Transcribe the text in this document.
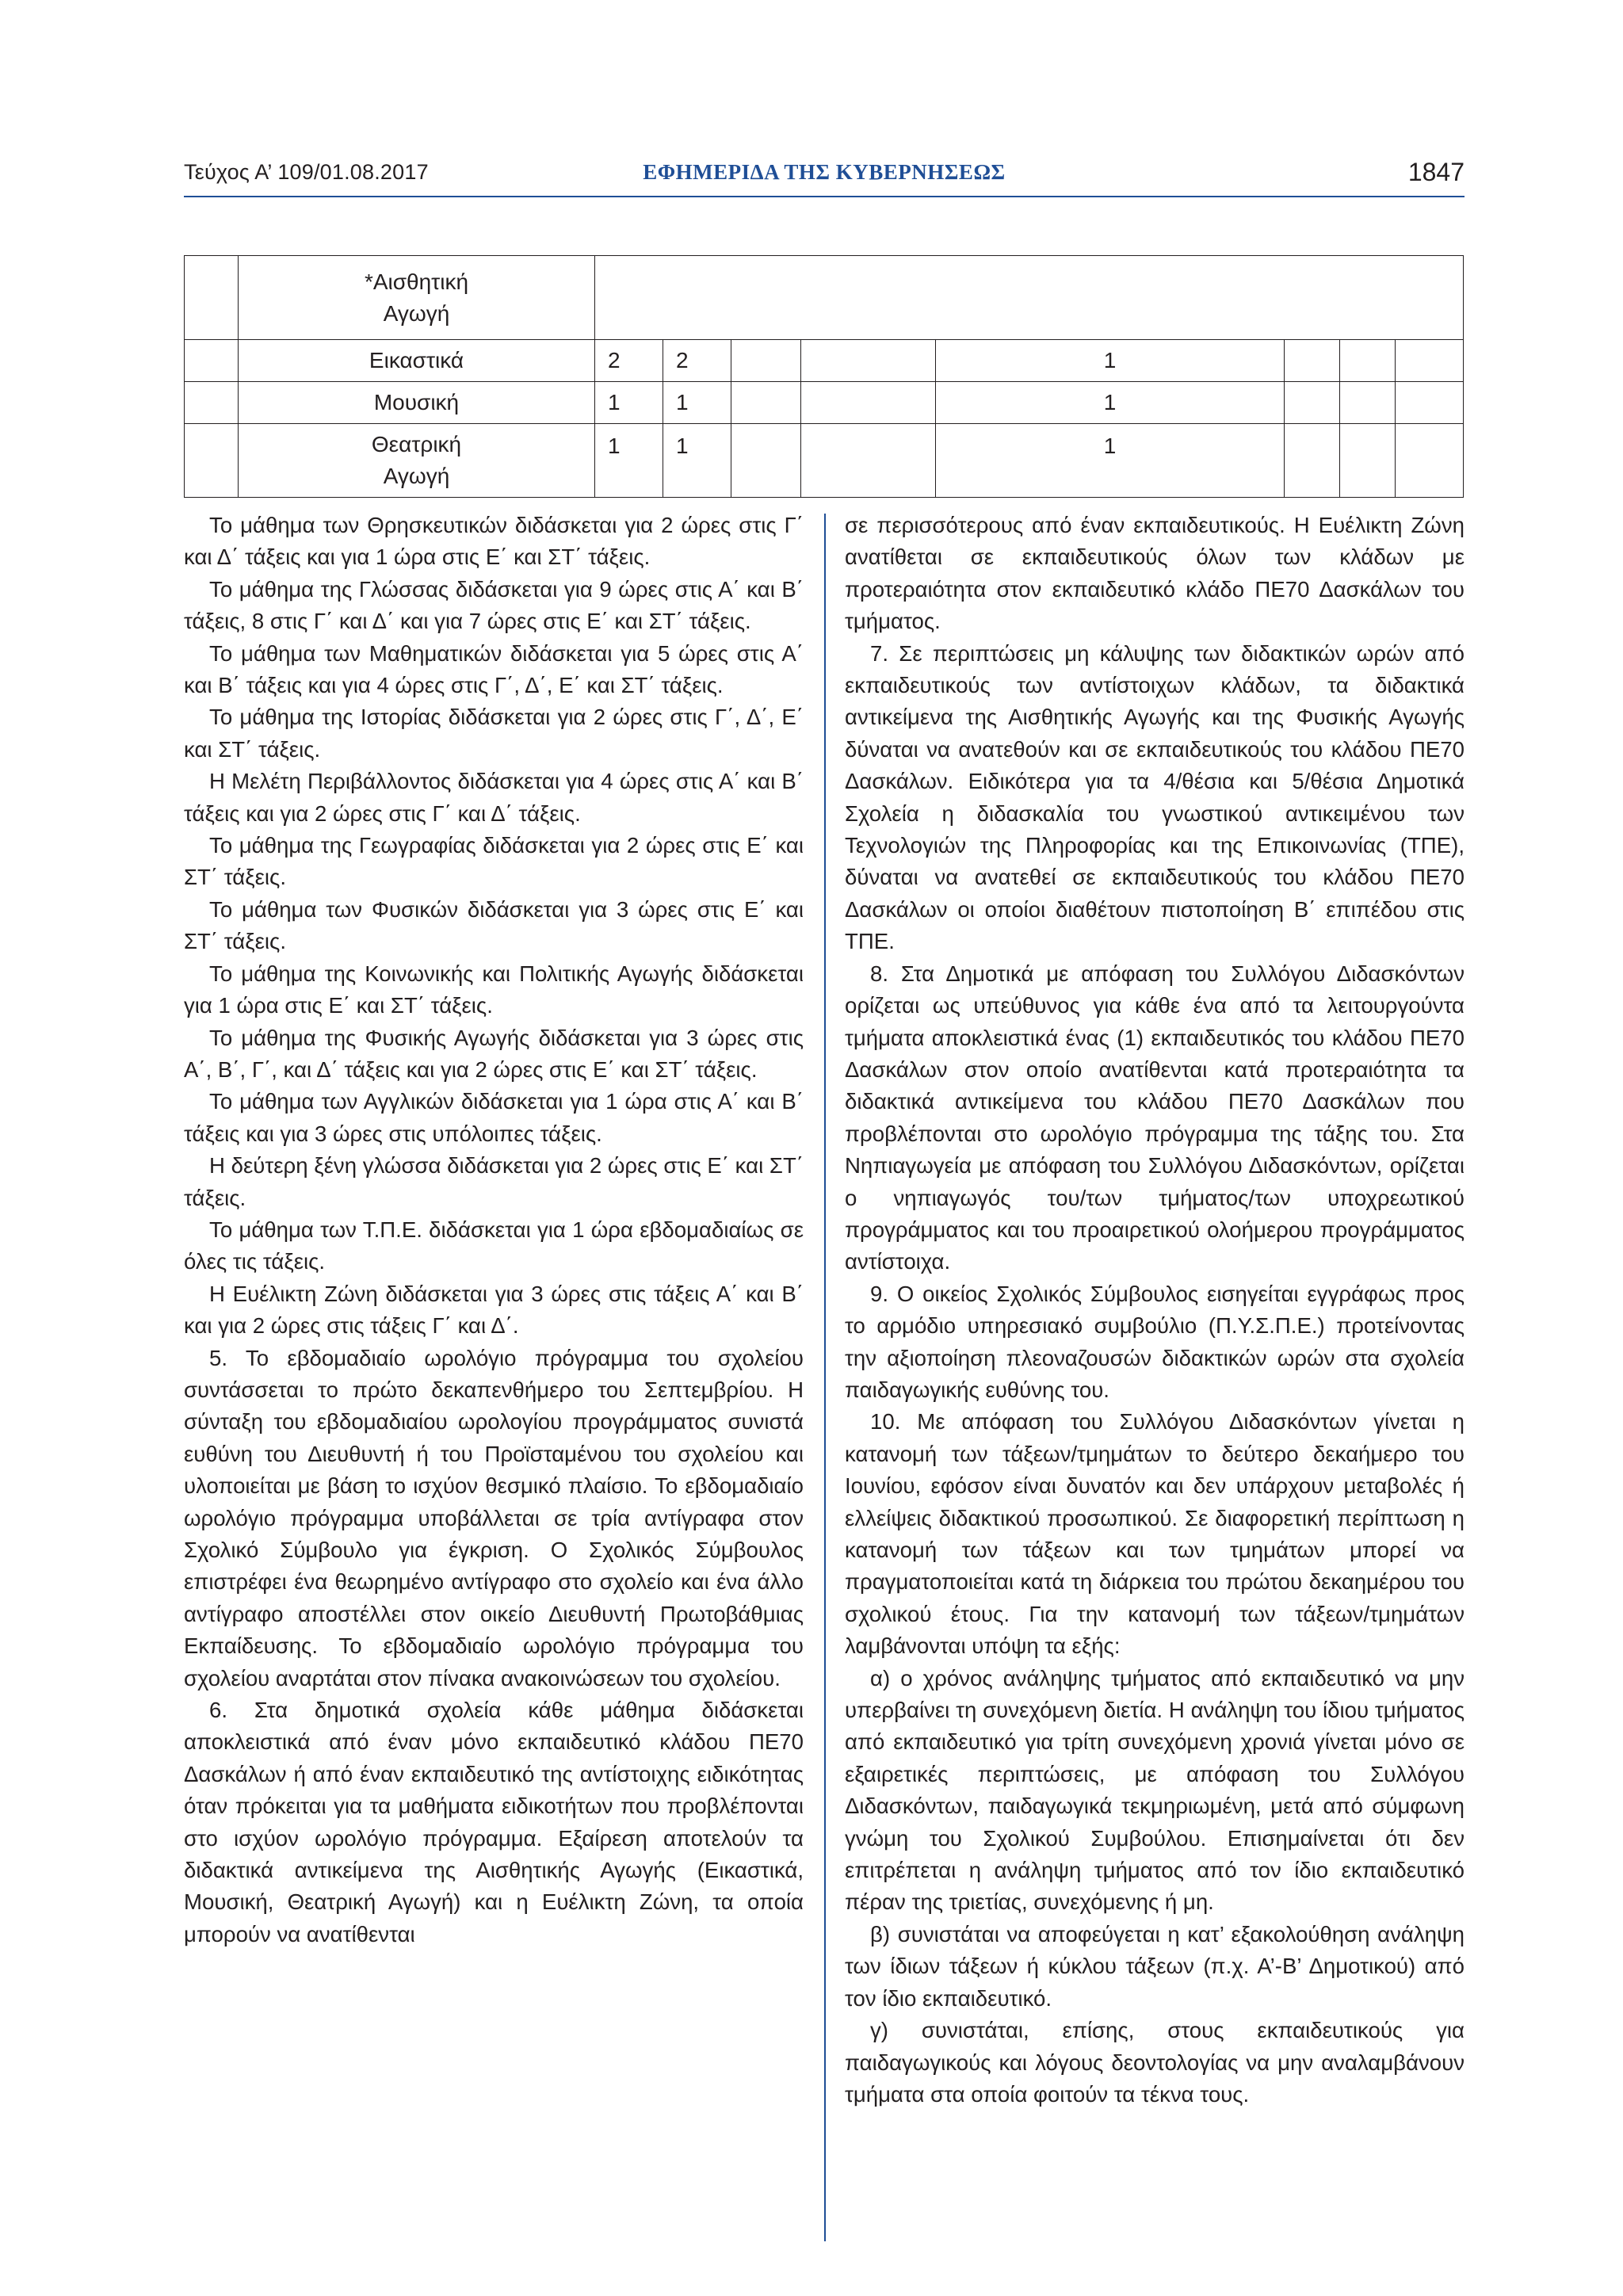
Τεύχος Α’ 109/01.08.2017	ΕΦΗΜΕΡΙΔΑ ΤΗΣ ΚΥΒΕΡΝΗΣΕΩΣ	1847

	*Αισθητική
Αγωγή								

	Εικαστικά	2	2			1			
	Μουσική	1	1			1			

	Θεατρική
Αγωγή	1	1			1			

Το μάθημα των Θρησκευτικών διδάσκεται για 2 ώρες στις Γ΄ και Δ΄ τάξεις και για 1 ώρα στις Ε΄ και ΣΤ΄ τάξεις.

Το μάθημα της Γλώσσας διδάσκεται για 9 ώρες στις Α΄ και Β΄ τάξεις, 8 στις Γ΄ και Δ΄ και για 7 ώρες στις Ε΄ και ΣΤ΄ τάξεις.

Το μάθημα των Μαθηματικών διδάσκεται για 5 ώρες στις Α΄ και Β΄ τάξεις και για 4 ώρες στις Γ΄, Δ΄, Ε΄ και ΣΤ΄ τάξεις.

Το μάθημα της Ιστορίας διδάσκεται για 2 ώρες στις Γ΄, Δ΄, Ε΄ και ΣΤ΄ τάξεις.

Η Μελέτη Περιβάλλοντος διδάσκεται για 4 ώρες στις Α΄ και Β΄ τάξεις και για 2 ώρες στις Γ΄ και Δ΄ τάξεις.

Το μάθημα της Γεωγραφίας διδάσκεται για 2 ώρες στις Ε΄ και ΣΤ΄ τάξεις.

Το μάθημα των Φυσικών διδάσκεται για 3 ώρες στις Ε΄ και ΣΤ΄ τάξεις.

Το μάθημα της Κοινωνικής και Πολιτικής Αγωγής διδάσκεται για 1 ώρα στις Ε΄ και ΣΤ΄ τάξεις.

Το μάθημα της Φυσικής Αγωγής διδάσκεται για 3 ώρες στις Α΄, Β΄, Γ΄, και Δ΄ τάξεις και για 2 ώρες στις Ε΄ και ΣΤ΄ τάξεις.

Το μάθημα των Αγγλικών διδάσκεται για 1 ώρα στις Α΄ και Β΄ τάξεις και για 3 ώρες στις υπόλοιπες τάξεις.

Η δεύτερη ξένη γλώσσα διδάσκεται για 2 ώρες στις Ε΄ και ΣΤ΄ τάξεις.

Το μάθημα των Τ.Π.Ε. διδάσκεται για 1 ώρα εβδομαδιαίως σε όλες τις τάξεις.

Η Ευέλικτη Ζώνη διδάσκεται για 3 ώρες στις τάξεις Α΄ και Β΄ και για 2 ώρες στις τάξεις Γ΄ και Δ΄.

5. Το εβδομαδιαίο ωρολόγιο πρόγραμμα του σχολείου συντάσσεται το πρώτο δεκαπενθήμερο του Σεπτεμβρίου. Η σύνταξη του εβδομαδιαίου ωρολογίου προγράμματος συνιστά ευθύνη του Διευθυντή ή του Προϊσταμένου του σχολείου και υλοποιείται με βάση το ισχύον θεσμικό πλαίσιο. Το εβδομαδιαίο ωρολόγιο πρόγραμμα υποβάλλεται σε τρία αντίγραφα στον Σχολικό Σύμβουλο για έγκριση. Ο Σχολικός Σύμβουλος επιστρέφει ένα θεωρημένο αντίγραφο στο σχολείο και ένα άλλο αντίγραφο αποστέλλει στον οικείο Διευθυντή Πρωτοβάθμιας Εκπαίδευσης. Το εβδομαδιαίο ωρολόγιο πρόγραμμα του σχολείου αναρτάται στον πίνακα ανακοινώσεων του σχολείου.

6. Στα δημοτικά σχολεία κάθε μάθημα διδάσκεται αποκλειστικά από έναν μόνο εκπαιδευτικό κλάδου ΠΕ70 Δασκάλων ή από έναν εκπαιδευτικό της αντίστοιχης ειδικότητας όταν πρόκειται για τα μαθήματα ειδικοτήτων που προβλέπονται στο ισχύον ωρολόγιο πρόγραμμα. Εξαίρεση αποτελούν τα διδακτικά αντικείμενα της Αισθητικής Αγωγής (Εικαστικά, Μουσική, Θεατρική Αγωγή) και η Ευέλικτη Ζώνη, τα οποία μπορούν να ανατίθενται

σε περισσότερους από έναν εκπαιδευτικούς. Η Ευέλικτη Ζώνη ανατίθεται σε εκπαιδευτικούς όλων των κλάδων με προτεραιότητα στον εκπαιδευτικό κλάδο ΠΕ70 Δασκάλων του τμήματος.

7. Σε περιπτώσεις μη κάλυψης των διδακτικών ωρών από εκπαιδευτικούς των αντίστοιχων κλάδων, τα διδακτικά αντικείμενα της Αισθητικής Αγωγής και της Φυσικής Αγωγής δύναται να ανατεθούν και σε εκπαιδευτικούς του κλάδου ΠΕ70 Δασκάλων. Ειδικότερα για τα 4/θέσια και 5/θέσια Δημοτικά Σχολεία η διδασκαλία του γνωστικού αντικειμένου των Τεχνολογιών της Πληροφορίας και της Επικοινωνίας (ΤΠΕ), δύναται να ανατεθεί σε εκπαιδευτικούς του κλάδου ΠΕ70 Δασκάλων οι οποίοι διαθέτουν πιστοποίηση Β΄ επιπέδου στις ΤΠΕ.

8. Στα Δημοτικά με απόφαση του Συλλόγου Διδασκόντων ορίζεται ως υπεύθυνος για κάθε ένα από τα λειτουργούντα τμήματα αποκλειστικά ένας (1) εκπαιδευτικός του κλάδου ΠΕ70 Δασκάλων στον οποίο ανατίθενται κατά προτεραιότητα τα διδακτικά αντικείμενα του κλάδου ΠΕ70 Δασκάλων που προβλέπονται στο ωρολόγιο πρόγραμμα της τάξης του. Στα Νηπιαγωγεία με απόφαση του Συλλόγου Διδασκόντων, ορίζεται ο νηπιαγωγός του/των τμήματος/των υποχρεωτικού προγράμματος και του προαιρετικού ολοήμερου προγράμματος αντίστοιχα.

9. Ο οικείος Σχολικός Σύμβουλος εισηγείται εγγράφως προς το αρμόδιο υπηρεσιακό συμβούλιο (Π.Υ.Σ.Π.Ε.) προτείνοντας την αξιοποίηση πλεοναζουσών διδακτικών ωρών στα σχολεία παιδαγωγικής ευθύνης του.

10. Με απόφαση του Συλλόγου Διδασκόντων γίνεται η κατανομή των τάξεων/τμημάτων το δεύτερο δεκαήμερο του Ιουνίου, εφόσον είναι δυνατόν και δεν υπάρχουν μεταβολές ή ελλείψεις διδακτικού προσωπικού. Σε διαφορετική περίπτωση η κατανομή των τάξεων και των τμημάτων μπορεί να πραγματοποιείται κατά τη διάρκεια του πρώτου δεκαημέρου του σχολικού έτους. Για την κατανομή των τάξεων/τμημάτων λαμβάνονται υπόψη τα εξής:

α) ο χρόνος ανάληψης τμήματος από εκπαιδευτικό να μην υπερβαίνει τη συνεχόμενη διετία. Η ανάληψη του ίδιου τμήματος από εκπαιδευτικό για τρίτη συνεχόμενη χρονιά γίνεται μόνο σε εξαιρετικές περιπτώσεις, με απόφαση του Συλλόγου Διδασκόντων, παιδαγωγικά τεκμηριωμένη, μετά από σύμφωνη γνώμη του Σχολικού Συμβούλου. Επισημαίνεται ότι δεν επιτρέπεται η ανάληψη τμήματος από τον ίδιο εκπαιδευτικό πέραν της τριετίας, συνεχόμενης ή μη.

β) συνιστάται να αποφεύγεται η κατ’ εξακολούθηση ανάληψη των ίδιων τάξεων ή κύκλου τάξεων (π.χ. Α’-Β’ Δημοτικού) από τον ίδιο εκπαιδευτικό.

γ) συνιστάται, επίσης, στους εκπαιδευτικούς για παιδαγωγικούς και λόγους δεοντολογίας να μην αναλαμβάνουν τμήματα στα οποία φοιτούν τα τέκνα τους.
